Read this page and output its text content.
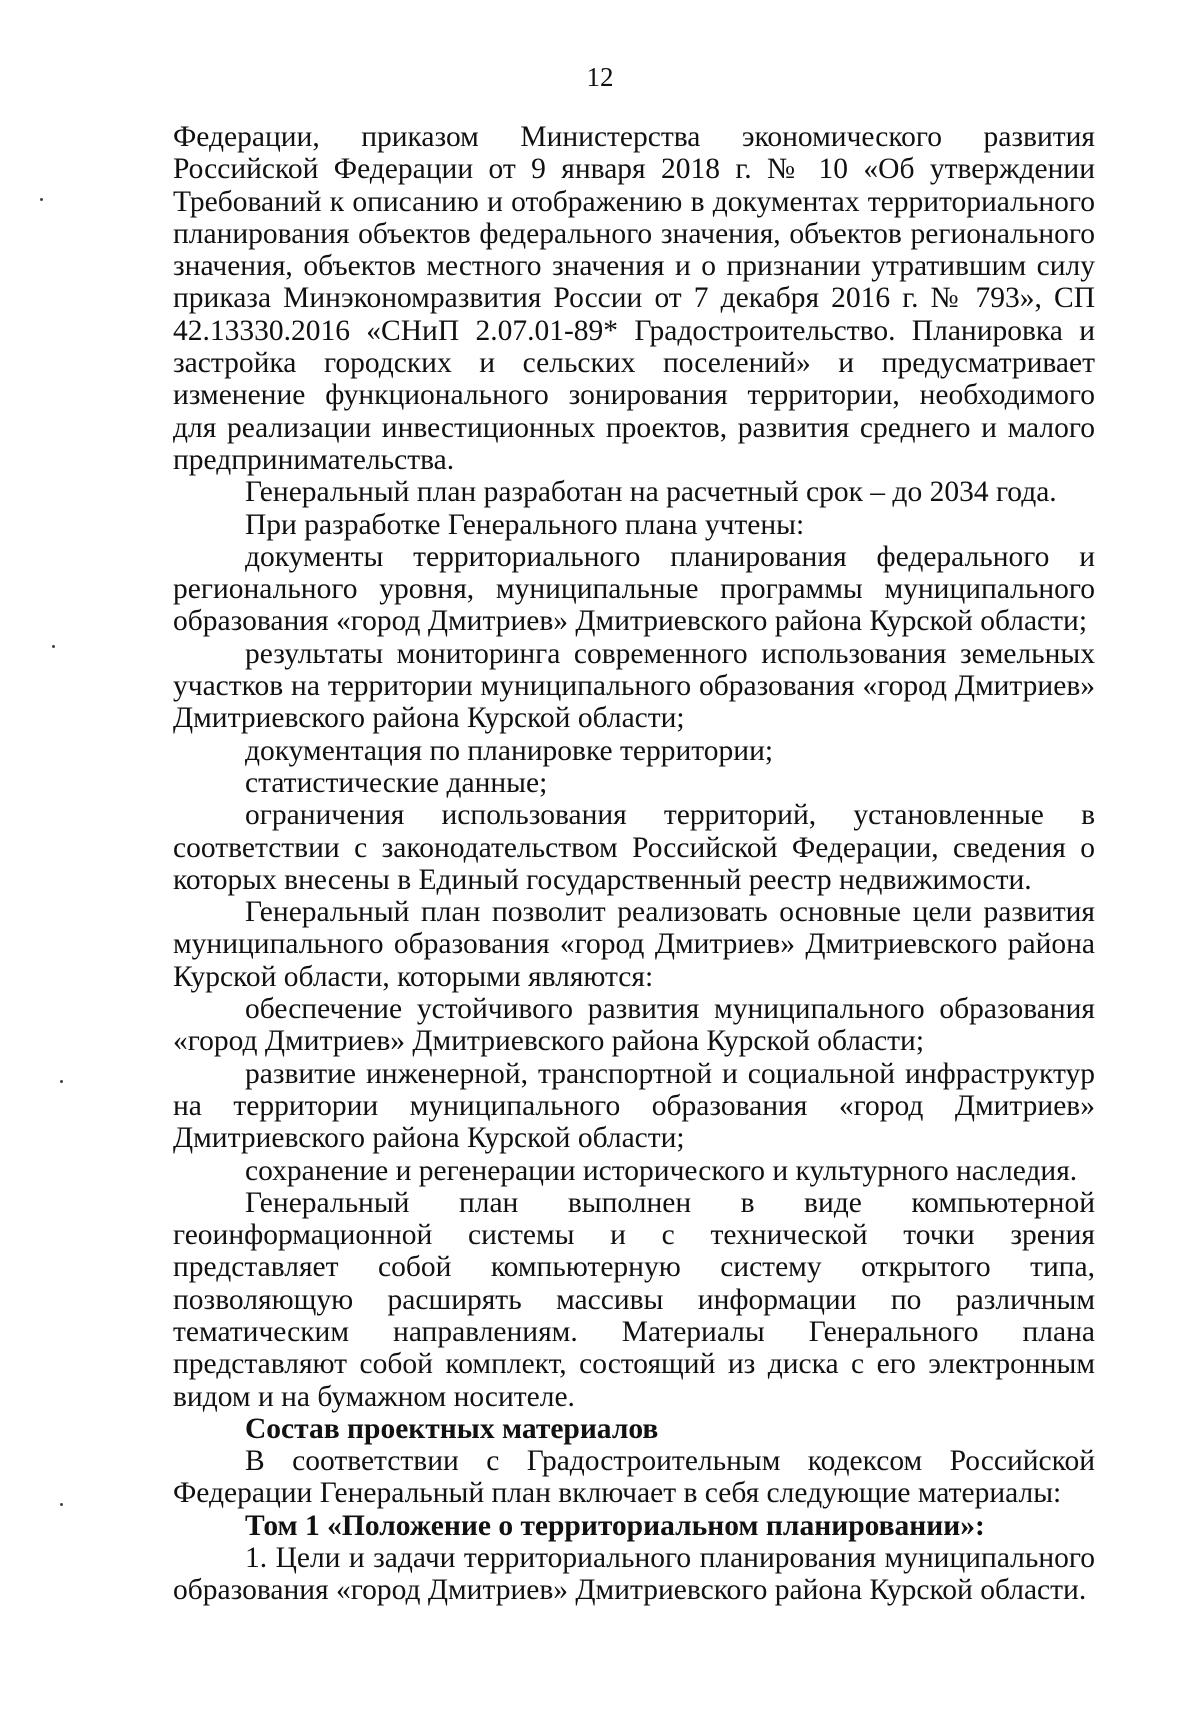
12

Федерации, приказом Министерства экономического развития Российской Федерации от 9 января 2018 г. № 10 «Об утверждении Требований к описанию и отображению в документах территориального планирования объектов федерального значения, объектов регионального значения, объектов местного значения и о признании утратившим силу приказа Минэкономразвития России от 7 декабря 2016 г. № 793», СП 42.13330.2016 «СНиП 2.07.01-89* Градостроительство. Планировка и застройка городских и сельских поселений» и предусматривает изменение функционального зонирования территории, необходимого для реализации инвестиционных проектов, развития среднего и малого предпринимательства.

Генеральный план разработан на расчетный срок – до 2034 года.

При разработке Генерального плана учтены:

документы территориального планирования федерального и регионального уровня, муниципальные программы муниципального образования «город Дмитриев» Дмитриевского района Курской области;

результаты мониторинга современного использования земельных участков на территории муниципального образования «город Дмитриев» Дмитриевского района Курской области;

документация по планировке территории;

статистические данные;

ограничения использования территорий, установленные в соответствии с законодательством Российской Федерации, сведения о которых внесены в Единый государственный реестр недвижимости.

Генеральный план позволит реализовать основные цели развития муниципального образования «город Дмитриев» Дмитриевского района Курской области, которыми являются:

обеспечение устойчивого развития муниципального образования «город Дмитриев» Дмитриевского района Курской области;

развитие инженерной, транспортной и социальной инфраструктур на территории муниципального образования «город Дмитриев» Дмитриевского района Курской области;

сохранение и регенерации исторического и культурного наследия.

Генеральный план выполнен в виде компьютерной геоинформационной системы и с технической точки зрения представляет собой компьютерную систему открытого типа, позволяющую расширять массивы информации по различным тематическим направлениям. Материалы Генерального плана представляют собой комплект, состоящий из диска с его электронным видом и на бумажном носителе.

Состав проектных материалов

В соответствии с Градостроительным кодексом Российской Федерации Генеральный план включает в себя следующие материалы:

Том 1 «Положение о территориальном планировании»:

1. Цели и задачи территориального планирования муниципального образования «город Дмитриев» Дмитриевского района Курской области.
